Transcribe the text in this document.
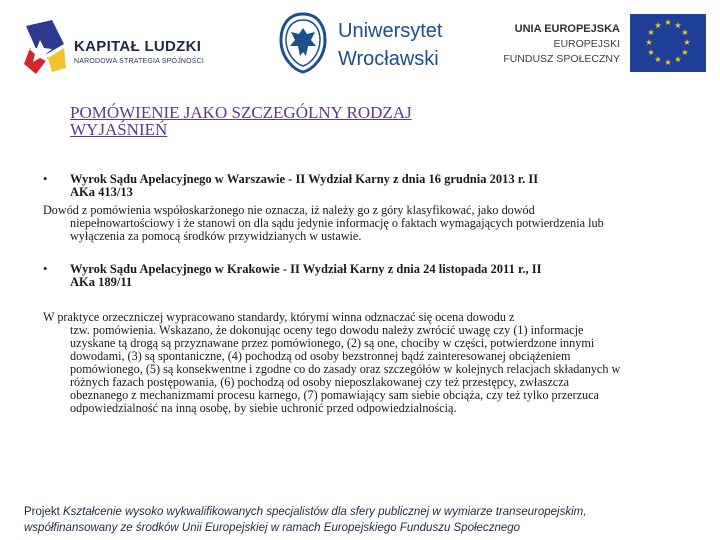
KAPITAŁ LUDZKI
NARODOWA STRATEGIA SPÓJNOŚCI
Uniwersytet
Wrocławski
UNIA EUROPEJSKA
EUROPEJSKI
FUNDUSZ SPOŁECZNY
★ ★
★
★
★
★
★
★
★
★
★
★
POMÓWIENIE JAKO SZCZEGÓLNY RODZAJ
WYJAŚNIEŃ
• Wyrok Sądu Apelacyjnego w Warszawie - II Wydział Karny z dnia 16 grudnia 2013 r. II
AKa 413/13
Dowód z pomówienia współoskarżonego nie oznacza, iż należy go z góry klasyfikować, jako dowód
niepełnowartościowy i że stanowi on dla sądu jedynie informację o faktach wymagających potwierdzenia lub wyłączenia za pomocą środków przywidzianych w ustawie.
• Wyrok Sądu Apelacyjnego w Krakowie - II Wydział Karny z dnia 24 listopada 2011 r., II
AKa 189/11
W praktyce orzeczniczej wypracowano standardy, którymi winna odznaczać się ocena dowodu z
tzw. pomówienia. Wskazano, że dokonując oceny tego dowodu należy zwrócić uwagę czy (1) informacje uzyskane tą drogą są przyznawane przez pomówionego, (2) są one, chociby w części, potwierdzone innymi dowodami, (3) są spontaniczne, (4) pochodzą od osoby bezstronnej bądź zainteresowanej obciążeniem pomówionego, (5) są konsekwentne i zgodne co do zasady oraz szczegółów w kolejnych relacjach składanych w różnych fazach postępowania, (6) pochodzą od osoby nieposzlakowanej czy też przestępcy, zwłaszcza obeznanego z mechanizmami procesu karnego, (7) pomawiający sam siebie obciąża, czy też tylko przerzuca odpowiedzialność na inną osobę, by siebie uchronić przed odpowiedzialnością.
Projekt Kształcenie wysoko wykwalifikowanych specjalistów dla sfery publicznej w wymiarze transeuropejskim,
współfinansowany ze środków Unii Europejskiej w ramach Europejskiego Funduszu Społecznego
